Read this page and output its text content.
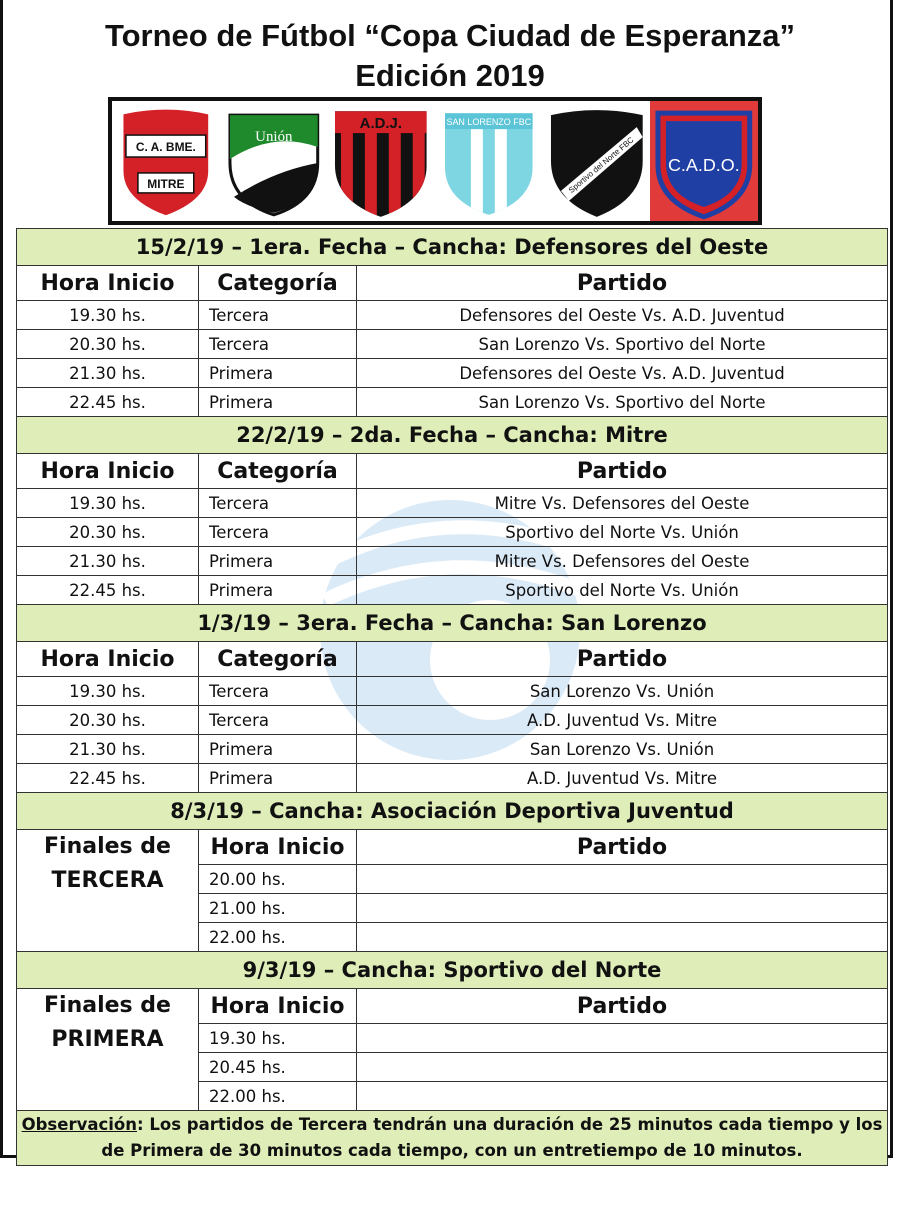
Torneo de Fútbol “Copa Ciudad de Esperanza”
Edición 2019
C. A. BME.
MITRE
Unión
A.D.J.	SAN LORENZO FBC
Sportivo del Norte FBC C.A.D.O.
15/2/19 – 1era. Fecha – Cancha: Defensores del Oeste		
Hora Inicio	Categoría	Partido
19.30 hs.	Tercera	Defensores del Oeste Vs. A.D. Juventud
20.30 hs.	Tercera	San Lorenzo Vs. Sportivo del Norte
21.30 hs.	Primera	Defensores del Oeste Vs. A.D. Juventud
22.45 hs.	Primera	San Lorenzo Vs. Sportivo del Norte
22/2/19 – 2da. Fecha – Cancha: Mitre		
Hora Inicio	Categoría	Partido
19.30 hs.	Tercera	Mitre Vs. Defensores del Oeste
20.30 hs.	Tercera	Sportivo del Norte Vs. Unión
21.30 hs.	Primera	Mitre Vs. Defensores del Oeste
22.45 hs.	Primera	Sportivo del Norte Vs. Unión
1/3/19 – 3era. Fecha – Cancha: San Lorenzo		
Hora Inicio	Categoría	Partido
19.30 hs.	Tercera	San Lorenzo Vs. Unión
20.30 hs.	Tercera	A.D. Juventud Vs. Mitre
21.30 hs.	Primera	San Lorenzo Vs. Unión
22.45 hs.	Primera	A.D. Juventud Vs. Mitre
8/3/19 – Cancha: Asociación Deportiva Juventud		

Finales de
TERCERA	Hora Inicio	Partido
	20.00 hs.	
	21.00 hs.	
	22.00 hs.	
9/3/19 – Cancha: Sportivo del Norte		

Finales de
PRIMERA	Hora Inicio	Partido
	19.30 hs.	
	20.45 hs.	
	22.00 hs.	
Observación: Los partidos de Tercera tendrán una duración de 25 minutos cada tiempo y los de Primera de 30 minutos cada tiempo, con un entretiempo de 10 minutos.		
